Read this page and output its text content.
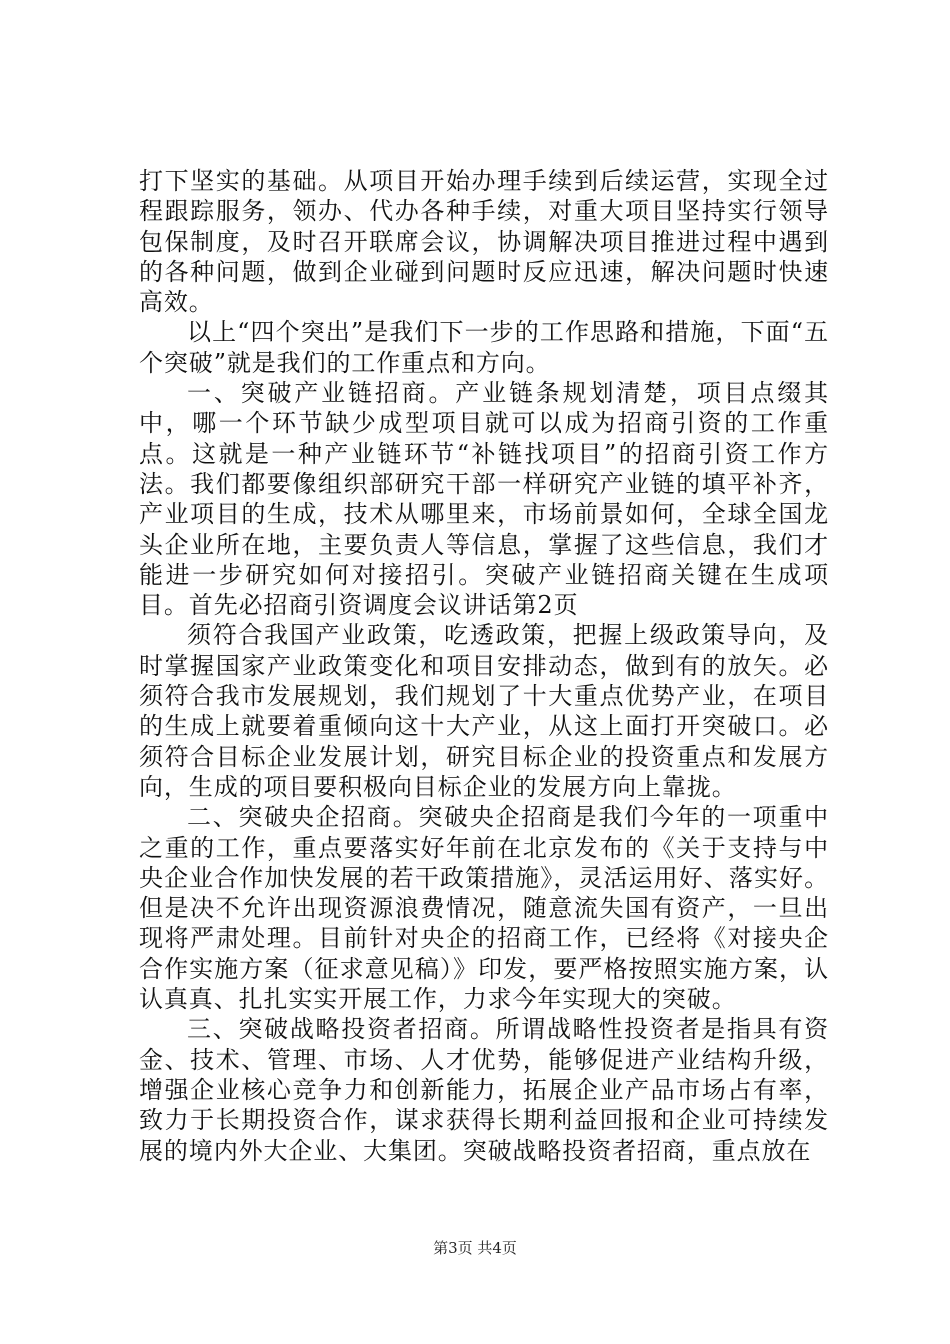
打下坚实的基础。从项目开始办理手续到后续运营，实现全过程跟踪服务，领办、代办各种手续，对重大项目坚持实行领导包保制度，及时召开联席会议，协调解决项目推进过程中遇到的各种问题，做到企业碰到问题时反应迅速，解决问题时快速高效。

以上“四个突出”是我们下一步的工作思路和措施，下面“五个突破”就是我们的工作重点和方向。

一、突破产业链招商。产业链条规划清楚，项目点缀其中，哪一个环节缺少成型项目就可以成为招商引资的工作重点。这就是一种产业链环节“补链找项目”的招商引资工作方法。我们都要像组织部研究干部一样研究产业链的填平补齐，产业项目的生成，技术从哪里来，市场前景如何，全球全国龙头企业所在地，主要负责人等信息，掌握了这些信息，我们才能进一步研究如何对接招引。突破产业链招商关键在生成项目。首先必招商引资调度会议讲话第2页

须符合我国产业政策，吃透政策，把握上级政策导向，及时掌握国家产业政策变化和项目安排动态，做到有的放矢。必须符合我市发展规划，我们规划了十大重点优势产业，在项目的生成上就要着重倾向这十大产业，从这上面打开突破口。必须符合目标企业发展计划，研究目标企业的投资重点和发展方向，生成的项目要积极向目标企业的发展方向上靠拢。

二、突破央企招商。突破央企招商是我们今年的一项重中之重的工作，重点要落实好年前在北京发布的《关于支持与中央企业合作加快发展的若干政策措施》，灵活运用好、落实好。但是决不允许出现资源浪费情况，随意流失国有资产，一旦出现将严肃处理。目前针对央企的招商工作，已经将《对接央企合作实施方案（征求意见稿）》印发，要严格按照实施方案，认认真真、扎扎实实开展工作，力求今年实现大的突破。

三、突破战略投资者招商。所谓战略性投资者是指具有资金、技术、管理、市场、人才优势，能够促进产业结构升级，增强企业核心竞争力和创新能力，拓展企业产品市场占有率，致力于长期投资合作，谋求获得长期利益回报和企业可持续发展的境内外大企业、大集团。突破战略投资者招商，重点放在

第3页 共4页
